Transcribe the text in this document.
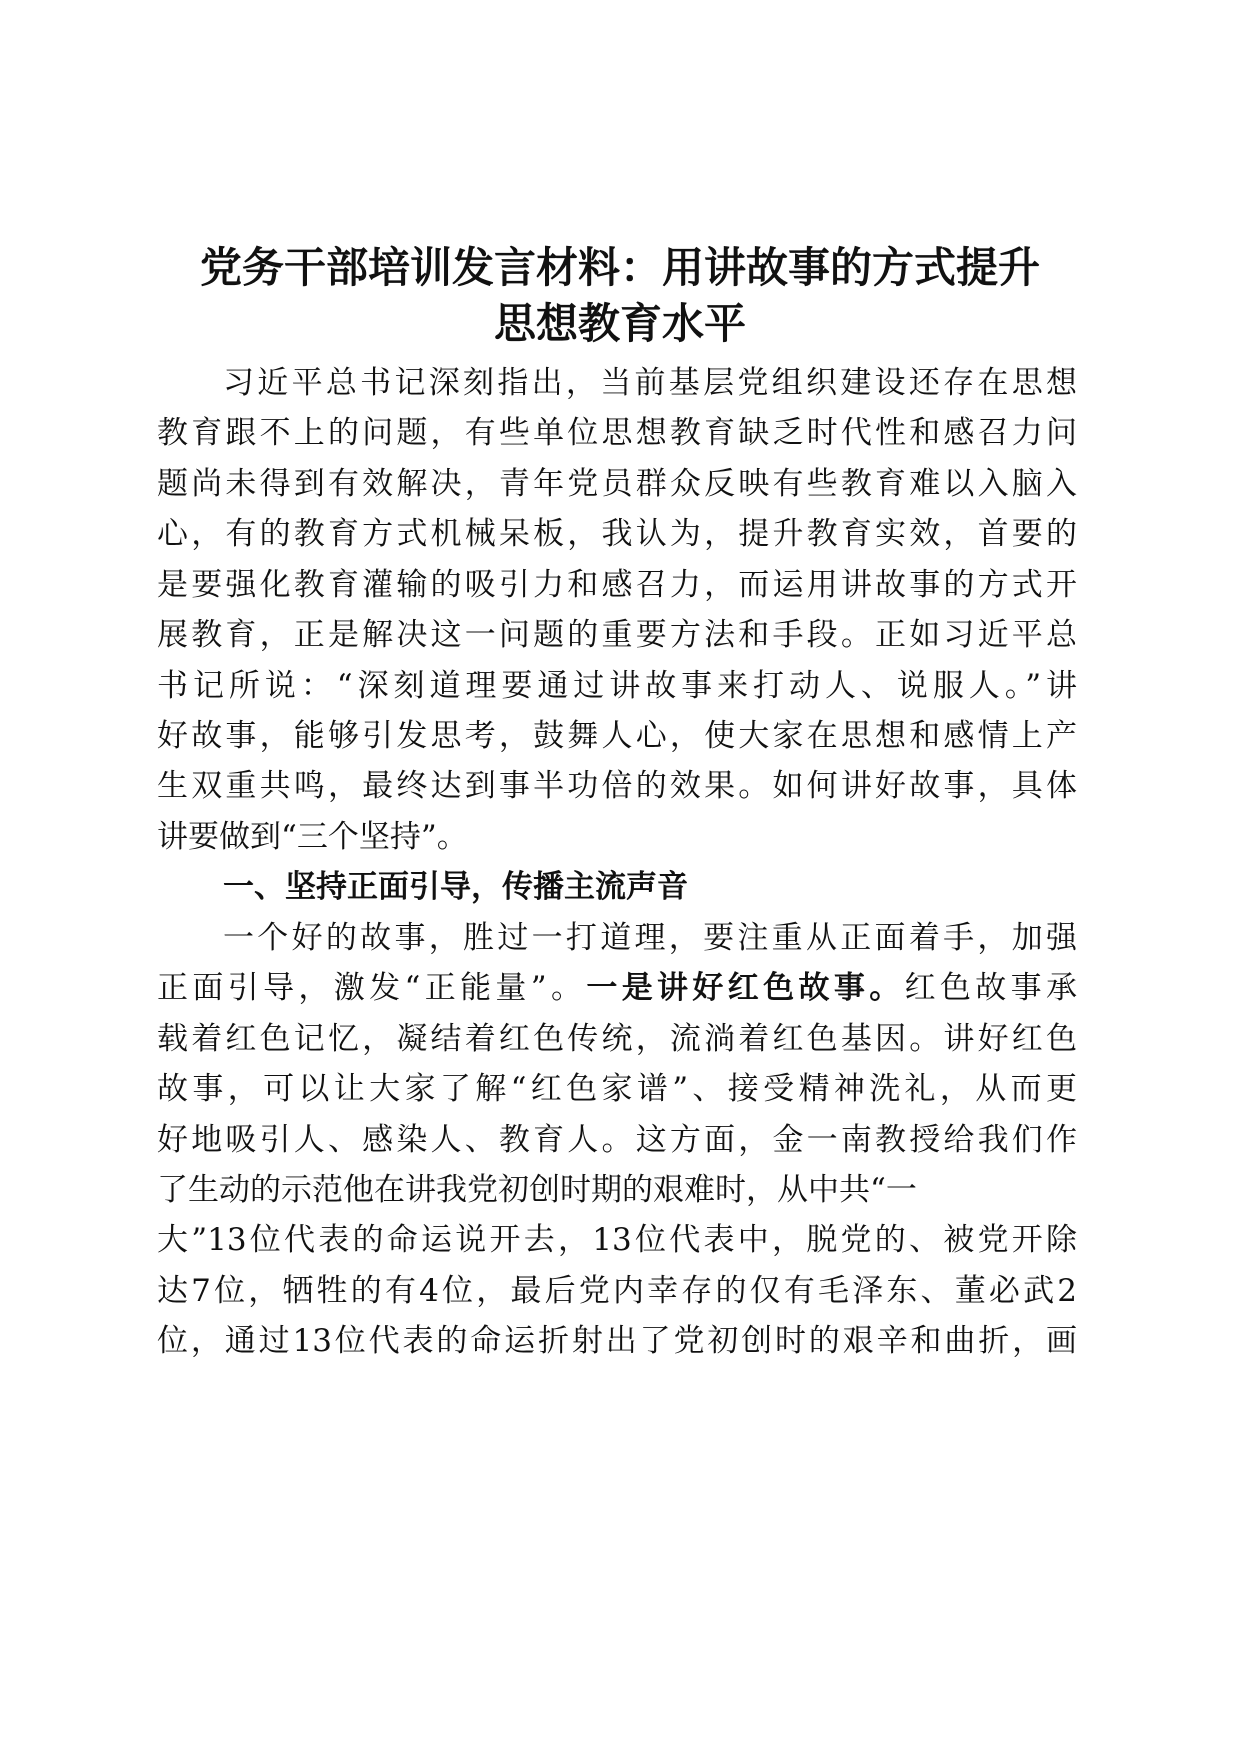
党务干部培训发言材料：用讲故事的方式提升
思想教育水平
习近平总书记深刻指出，当前基层党组织建设还存在思想
教育跟不上的问题，有些单位思想教育缺乏时代性和感召力问
题尚未得到有效解决，青年党员群众反映有些教育难以入脑入
心，有的教育方式机械呆板，我认为，提升教育实效，首要的
是要强化教育灌输的吸引力和感召力，而运用讲故事的方式开
展教育，正是解决这一问题的重要方法和手段。正如习近平总
书记所说：“深刻道理要通过讲故事来打动人、说服人。”讲
好故事，能够引发思考，鼓舞人心，使大家在思想和感情上产
生双重共鸣，最终达到事半功倍的效果。如何讲好故事，具体
讲要做到“三个坚持”。
一、坚持正面引导，传播主流声音
一个好的故事，胜过一打道理，要注重从正面着手，加强
正面引导，激发“正能量”。一是讲好红色故事。红色故事承
载着红色记忆，凝结着红色传统，流淌着红色基因。讲好红色
故事，可以让大家了解“红色家谱”、接受精神洗礼，从而更
好地吸引人、感染人、教育人。这方面，金一南教授给我们作
了生动的示范他在讲我党初创时期的艰难时，从中共“一
大”13位代表的命运说开去，13位代表中，脱党的、被党开除
达7位，牺牲的有4位，最后党内幸存的仅有毛泽东、董必武2
位，通过13位代表的命运折射出了党初创时的艰辛和曲折，画
